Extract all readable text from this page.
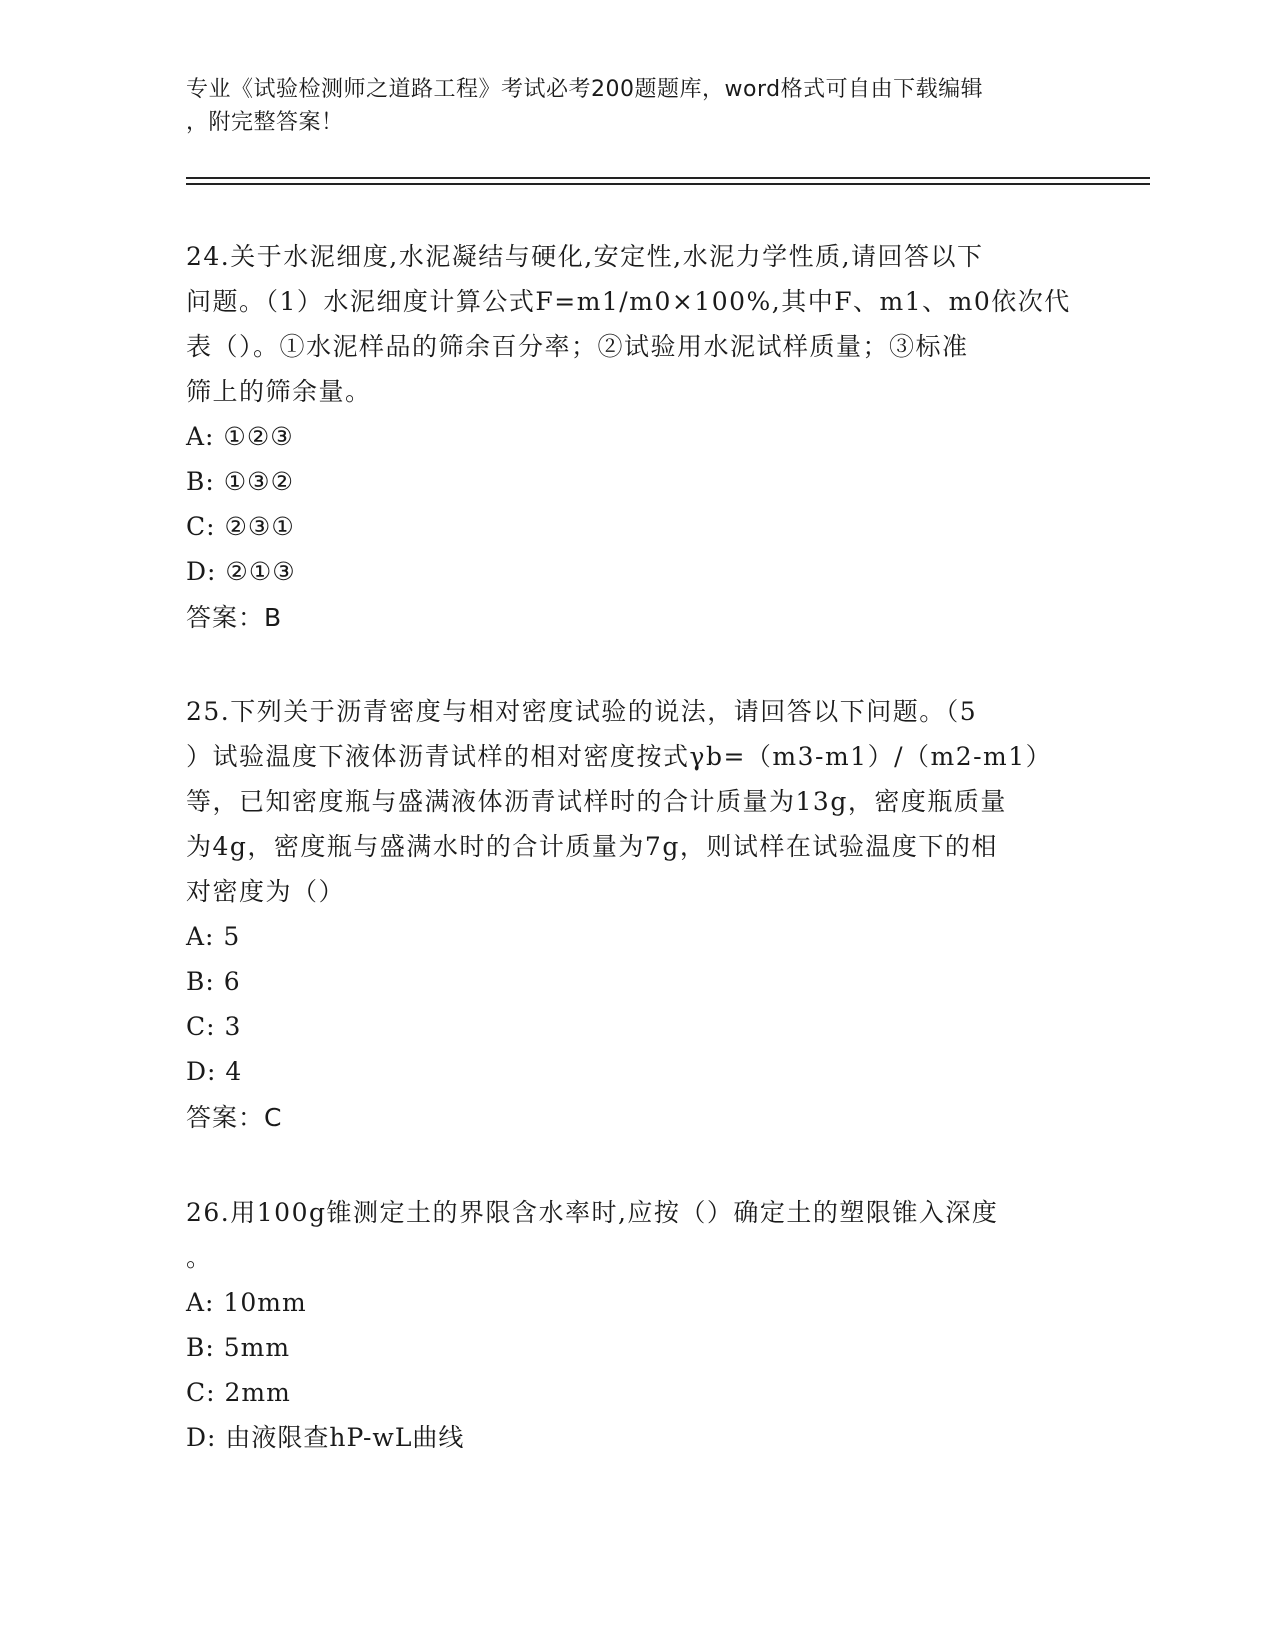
专业《试验检测师之道路工程》考试必考200题题库，word格式可自由下载编辑
，附完整答案！
24.关于水泥细度,水泥凝结与硬化,安定性,水泥力学性质,请回答以下
问题。（1）水泥细度计算公式F=m1/m0×100%,其中F、m1、m0依次代
表（）。①水泥样品的筛余百分率；②试验用水泥试样质量；③标准
筛上的筛余量。
A: ①②③
B: ①③②
C: ②③①
D: ②①③
答案：B
25.下列关于沥青密度与相对密度试验的说法，请回答以下问题。（5
）试验温度下液体沥青试样的相对密度按式γb=（m3-m1）/（m2-m1）
等，已知密度瓶与盛满液体沥青试样时的合计质量为13g，密度瓶质量
为4g，密度瓶与盛满水时的合计质量为7g，则试样在试验温度下的相
对密度为（）
A: 5
B: 6
C: 3
D: 4
答案：C
26.用100g锥测定土的界限含水率时,应按（）确定土的塑限锥入深度
。
A: 10mm
B: 5mm
C: 2mm
D: 由液限查hP-wL曲线
